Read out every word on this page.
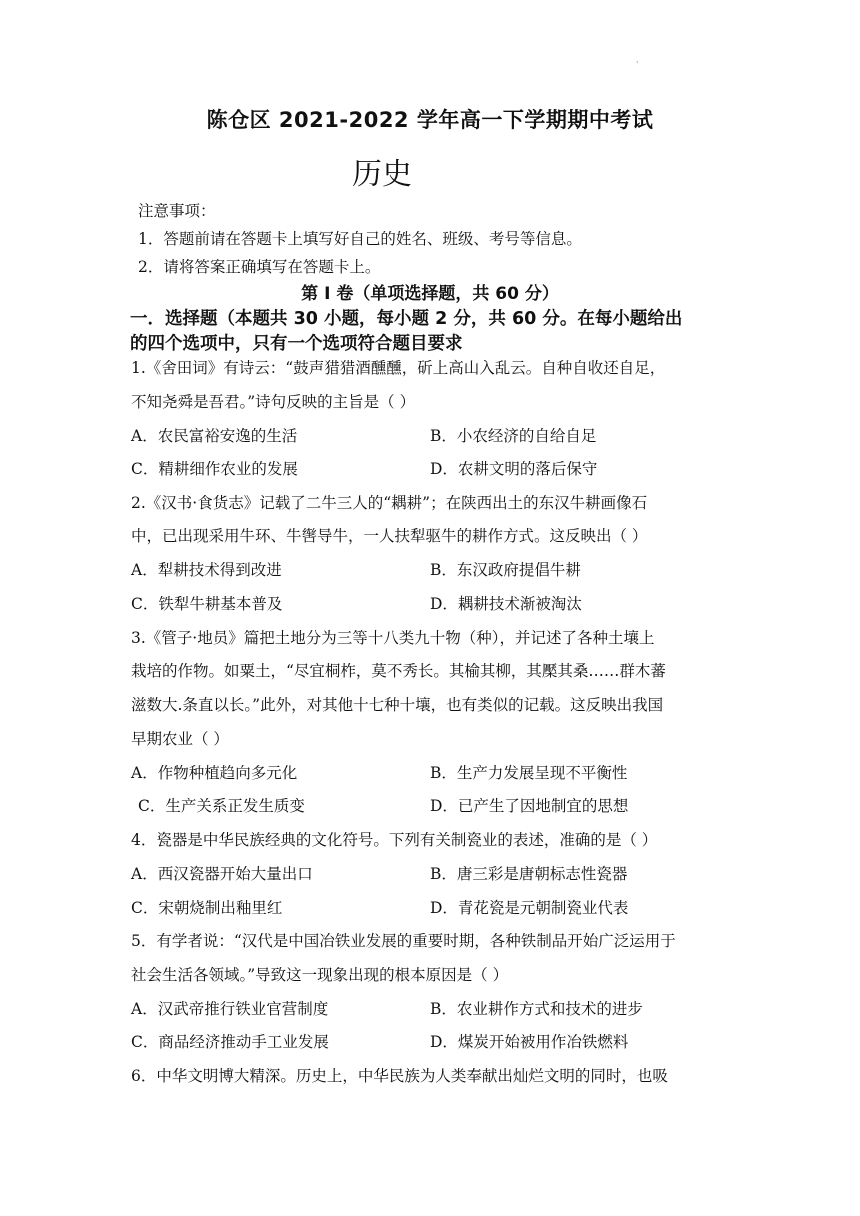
·
陈仓区 2021-2022 学年高一下学期期中考试
历史
注意事项：
1．答题前请在答题卡上填写好自己的姓名、班级、考号等信息。
2．请将答案正确填写在答题卡上。
第 I 卷（单项选择题，共 60 分）
一．选择题（本题共 30 小题，每小题 2 分，共 60 分。在每小题给出
的四个选项中，只有一个选项符合题目要求
1.《舍田词》有诗云：“鼓声猎猎酒醺醺，斫上高山入乱云。自种自收还自足，
不知尧舜是吾君。”诗句反映的主旨是（ ）
A．农民富裕安逸的生活	B．小农经济的自给自足
C．精耕细作农业的发展	D．农耕文明的落后保守
2.《汉书·食货志》记载了二牛三人的“耦耕”；在陕西出土的东汉牛耕画像石
中，已出现采用牛环、牛辔导牛，一人扶犁驱牛的耕作方式。这反映出（ ）
A．犁耕技术得到改进	B．东汉政府提倡牛耕
C．铁犁牛耕基本普及	D．耦耕技术渐被淘汰
3.《管子·地员》篇把土地分为三等十八类九十物（种），并记述了各种土壤上
栽培的作物。如粟土，“尽宜桐柞，莫不秀长。其榆其柳，其檿其桑……群木蕃
滋数大.条直以长。”此外，对其他十七种十壤，也有类似的记载。这反映出我国
早期农业（ ）
A．作物种植趋向多元化	B．生产力发展呈现不平衡性
C．生产关系正发生质变	D．已产生了因地制宜的思想
4．瓷器是中华民族经典的文化符号。下列有关制瓷业的表述，准确的是（ ）
A．西汉瓷器开始大量出口	B．唐三彩是唐朝标志性瓷器
C．宋朝烧制出釉里红	D．青花瓷是元朝制瓷业代表
5．有学者说：“汉代是中国冶铁业发展的重要时期，各种铁制品开始广泛运用于
社会生活各领域。”导致这一现象出现的根本原因是（ ）
A．汉武帝推行铁业官营制度	B．农业耕作方式和技术的进步
C．商品经济推动手工业发展	D．煤炭开始被用作冶铁燃料
6．中华文明博大精深。历史上，中华民族为人类奉献出灿烂文明的同时，也吸
